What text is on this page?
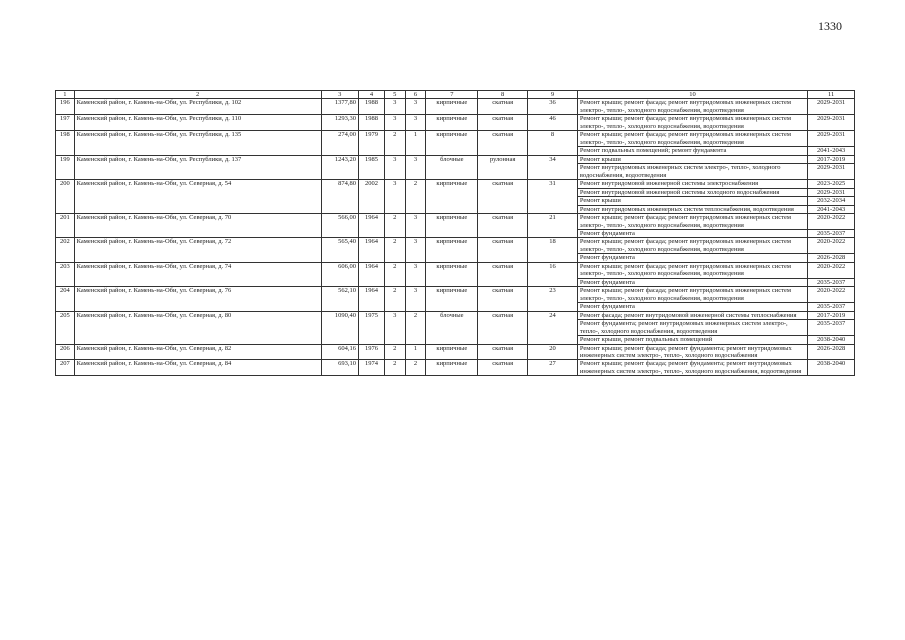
1330
1	2	3	4	5	6	7	8	9	10	11
196	Каменский район, г. Камень-на-Оби, ул. Республики, д. 102	1377,80	1988	3	3	кирпичные	скатная	36	Ремонт крыши; ремонт фасада; ремонт внутридомовых инженерных систем электро-, тепло-, холодного водоснабжения, водоотведения	2029-2031
197	Каменский район, г. Камень-на-Оби, ул. Республики, д. 110	1293,30	1988	3	3	кирпичные	скатная	46	Ремонт крыши; ремонт фасада; ремонт внутридомовых инженерных систем электро-, тепло-, холодного водоснабжения, водоотведения	2029-2031
198	Каменский район, г. Камень-на-Оби, ул. Республики, д. 135	274,00	1979	2	1	кирпичные	скатная	8	Ремонт крыши; ремонт фасада; ремонт внутридомовых инженерных систем электро-, тепло-, холодного водоснабжения, водоотведения	2029-2031
									Ремонт подвальных помещений; ремонт фундамента	2041-2043
199	Каменский район, г. Камень-на-Оби, ул. Республики, д. 137	1243,20	1985	3	3	блочные	рулонная	34	Ремонт крыши	2017-2019
									Ремонт внутридомовых инженерных систем электро-, тепло-, холодного водоснабжения, водоотведения	2029-2031
200	Каменский район, г. Камень-на-Оби, ул. Северная, д. 54	874,80	2002	3	2	кирпичные	скатная	31	Ремонт внутридомовой инженерной системы электроснабжения	2023-2025
									Ремонт внутридомовой инженерной системы холодного водоснабжения	2029-2031
									Ремонт крыши	2032-2034
									Ремонт внутридомовых инженерных систем теплоснабжения, водоотведения	2041-2043
201	Каменский район, г. Камень-на-Оби, ул. Северная, д. 70	566,00	1964	2	3	кирпичные	скатная	21	Ремонт крыши; ремонт фасада; ремонт внутридомовых инженерных систем электро-, тепло-, холодного водоснабжения, водоотведения	2020-2022
									Ремонт фундамента	2035-2037
202	Каменский район, г. Камень-на-Оби, ул. Северная, д. 72	565,40	1964	2	3	кирпичные	скатная	18	Ремонт крыши; ремонт фасада; ремонт внутридомовых инженерных систем электро-, тепло-, холодного водоснабжения, водоотведения	2020-2022
									Ремонт фундамента	2026-2028
203	Каменский район, г. Камень-на-Оби, ул. Северная, д. 74	606,00	1964	2	3	кирпичные	скатная	16	Ремонт крыши; ремонт фасада; ремонт внутридомовых инженерных систем электро-, тепло-, холодного водоснабжения, водоотведения	2020-2022
									Ремонт фундамента	2035-2037
204	Каменский район, г. Камень-на-Оби, ул. Северная, д. 76	562,10	1964	2	3	кирпичные	скатная	23	Ремонт крыши; ремонт фасада; ремонт внутридомовых инженерных систем электро-, тепло-, холодного водоснабжения, водоотведения	2020-2022
									Ремонт фундамента	2035-2037
205	Каменский район, г. Камень-на-Оби, ул. Северная, д. 80	1090,40	1975	3	2	блочные	скатная	24	Ремонт фасада; ремонт внутридомовой инженерной системы теплоснабжения	2017-2019
									Ремонт фундамента; ремонт внутридомовых инженерных систем электро-, тепло-, холодного водоснабжения, водоотведения	2035-2037
									Ремонт крыши, ремонт подвальных помещений	2038-2040
206	Каменский район, г. Камень-на-Оби, ул. Северная, д. 82	604,16	1976	2	1	кирпичные	скатная	20	Ремонт крыши; ремонт фасада; ремонт фундамента; ремонт внутридомовых инженерных систем электро-, тепло-, холодного водоснабжения	2026-2028
207	Каменский район, г. Камень-на-Оби, ул. Северная, д. 84	693,10	1974	2	2	кирпичные	скатная	27	Ремонт крыши; ремонт фасада; ремонт фундамента; ремонт внутридомовых инженерных систем электро-, тепло-, холодного водоснабжения, водоотведения	2038-2040
